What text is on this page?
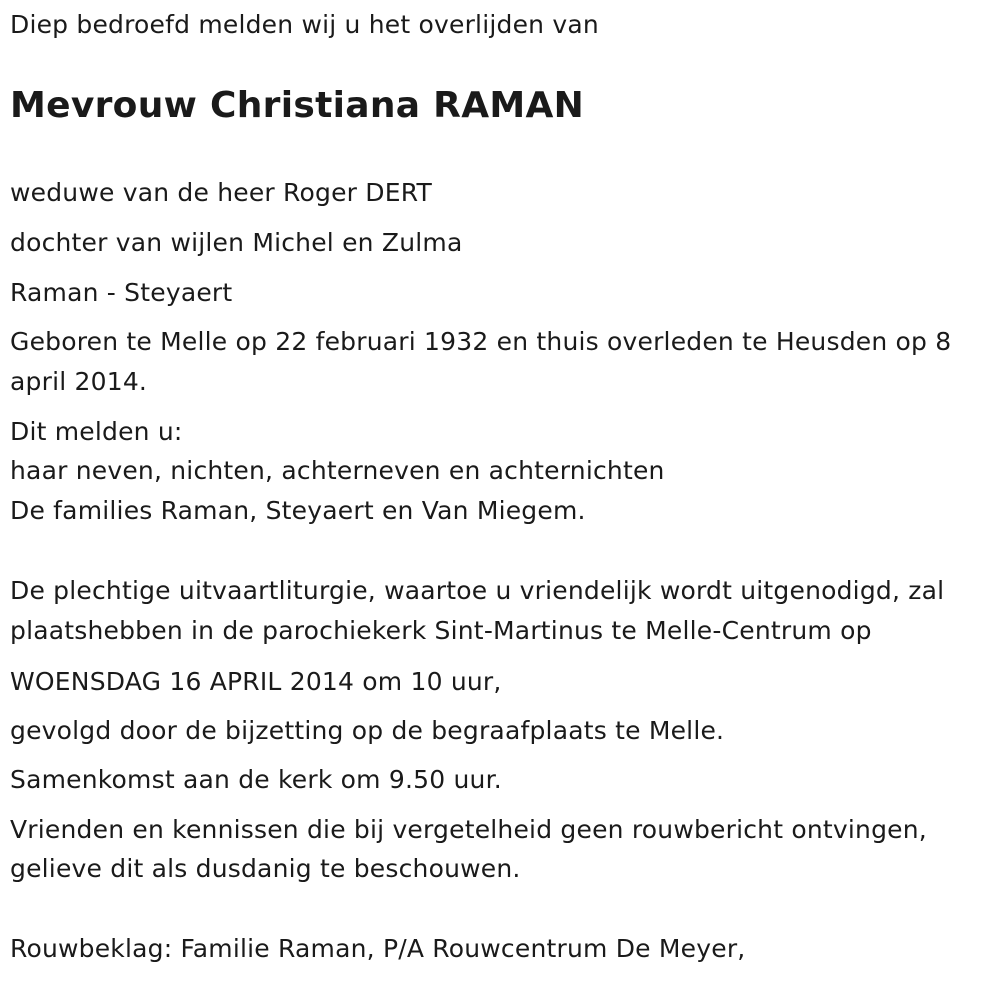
Diep bedroefd melden wij u het overlijden van
Mevrouw Christiana RAMAN
weduwe van de heer Roger DERT
dochter van wijlen Michel en Zulma
Raman - Steyaert
Geboren te Melle op 22 februari 1932 en thuis overleden te Heusden op 8
april 2014.
Dit melden u:
haar neven, nichten, achterneven en achternichten
De families Raman, Steyaert en Van Miegem.
De plechtige uitvaartliturgie, waartoe u vriendelijk wordt uitgenodigd, zal
plaatshebben in de parochiekerk Sint-Martinus te Melle-Centrum op
WOENSDAG 16 APRIL 2014 om 10 uur,
gevolgd door de bijzetting op de begraafplaats te Melle.
Samenkomst aan de kerk om 9.50 uur.
Vrienden en kennissen die bij vergetelheid geen rouwbericht ontvingen,
gelieve dit als dusdanig te beschouwen.
Rouwbeklag: Familie Raman, P/A Rouwcentrum De Meyer,
